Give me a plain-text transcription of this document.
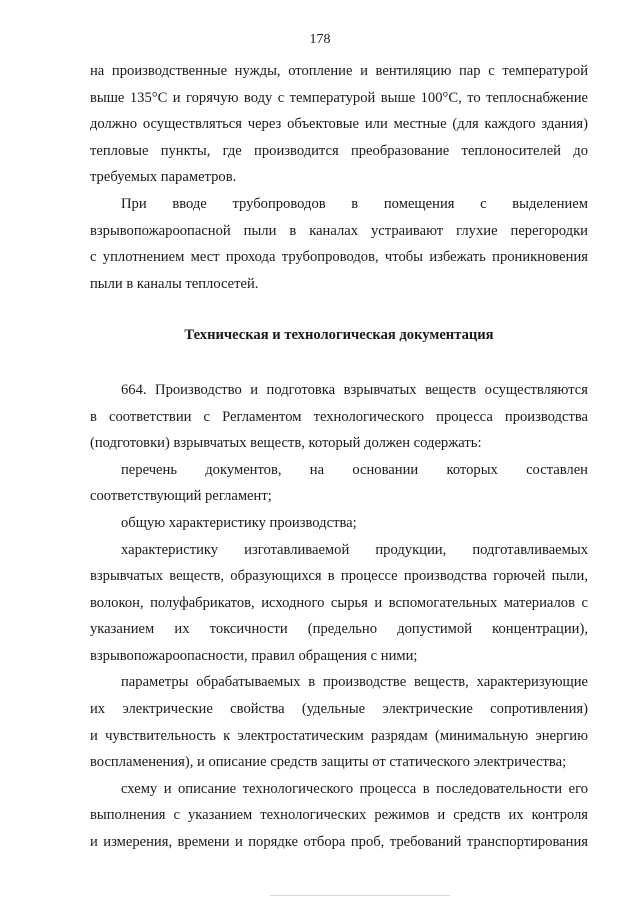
178
на производственные нужды, отопление и вентиляцию пар с температурой
выше 135°С и горячую воду с температурой выше 100°С, то теплоснабжение
должно осуществляться через объектовые или местные (для каждого здания)
тепловые пункты, где производится преобразование теплоносителей до
требуемых параметров.
При вводе трубопроводов в помещения с выделением
взрывопожароопасной пыли в каналах устраивают глухие перегородки
с уплотнением мест прохода трубопроводов, чтобы избежать проникновения
пыли в каналы теплосетей.
Техническая и технологическая документация
664. Производство и подготовка взрывчатых веществ осуществляются
в соответствии с Регламентом технологического процесса производства
(подготовки) взрывчатых веществ, который должен содержать:
перечень документов, на основании которых составлен
соответствующий регламент;
общую характеристику производства;
характеристику изготавливаемой продукции, подготавливаемых
взрывчатых веществ, образующихся в процессе производства горючей пыли,
волокон, полуфабрикатов, исходного сырья и вспомогательных материалов с
указанием их токсичности (предельно допустимой концентрации),
взрывопожароопасности, правил обращения с ними;
параметры обрабатываемых в производстве веществ, характеризующие
их электрические свойства (удельные электрические сопротивления)
и чувствительность к электростатическим разрядам (минимальную энергию
воспламенения), и описание средств защиты от статического электричества;
схему и описание технологического процесса в последовательности его
выполнения с указанием технологических режимов и средств их контроля
и измерения, времени и порядке отбора проб, требований транспортирования
